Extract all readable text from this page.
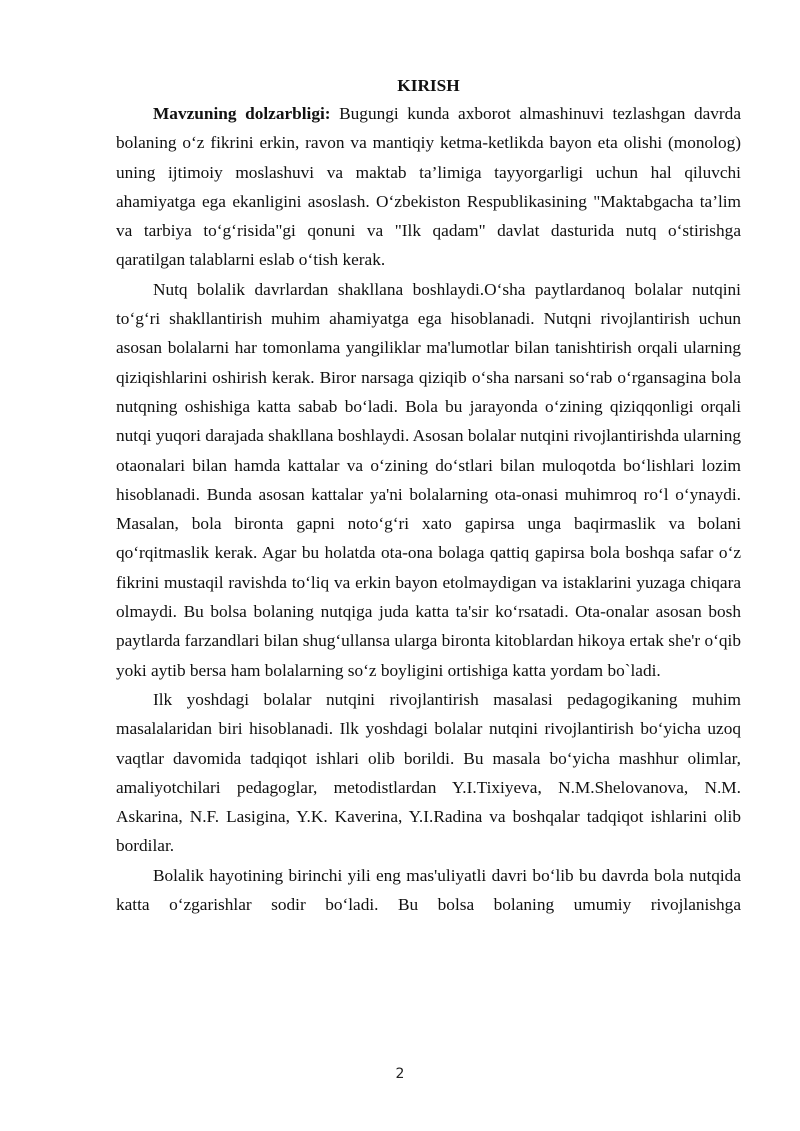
KIRISH

Mavzuning dolzarbligi: Bugungi kunda axborot almashinuvi tezlashgan davrda bolaning o‘z fikrini erkin, ravon va mantiqiy ketma-ketlikda bayon eta olishi (monolog) uning ijtimoiy moslashuvi va maktab ta’limiga tayyorgarligi uchun hal qiluvchi ahamiyatga ega ekanligini asoslash. O‘zbekiston Respublikasining "Maktabgacha ta’lim va tarbiya to‘g‘risida"gi qonuni va "Ilk qadam" davlat dasturida nutq o‘stirishga qaratilgan talablarni eslab o‘tish kerak.

Nutq bolalik davrlardan shakllana boshlaydi.O‘sha paytlardanoq bolalar nutqini to‘g‘ri shakllantirish muhim ahamiyatga ega hisoblanadi. Nutqni rivojlantirish uchun asosan bolalarni har tomonlama yangiliklar ma'lumotlar bilan tanishtirish orqali ularning qiziqishlarini oshirish kerak. Biror narsaga qiziqib o‘sha narsani so‘rab o‘rgansagina bola nutqning oshishiga katta sabab bo‘ladi. Bola bu jarayonda o‘zining qiziqqonligi orqali nutqi yuqori darajada shakllana boshlaydi. Asosan bolalar nutqini rivojlantirishda ularning otaonalari bilan hamda kattalar va o‘zining do‘stlari bilan muloqotda bo‘lishlari lozim hisoblanadi. Bunda asosan kattalar ya'ni bolalarning ota-onasi muhimroq ro‘l o‘ynaydi. Masalan, bola bironta gapni noto‘g‘ri xato gapirsa unga baqirmaslik va bolani qo‘rqitmaslik kerak. Agar bu holatda ota-ona bolaga qattiq gapirsa bola boshqa safar o‘z fikrini mustaqil ravishda to‘liq va erkin bayon etolmaydigan va istaklarini yuzaga chiqara olmaydi. Bu bolsa bolaning nutqiga juda katta ta'sir ko‘rsatadi. Ota-onalar asosan bosh paytlarda farzandlari bilan shug‘ullansa ularga bironta kitoblardan hikoya ertak she'r o‘qib yoki aytib bersa ham bolalarning so‘z boyligini ortishiga katta yordam bo`ladi.

Ilk yoshdagi bolalar nutqini rivojlantirish masalasi pedagogikaning muhim masalalaridan biri hisoblanadi. Ilk yoshdagi bolalar nutqini rivojlantirish bo‘yicha uzoq vaqtlar davomida tadqiqot ishlari olib borildi. Bu masala bo‘yicha mashhur olimlar, amaliyotchilari pedagoglar, metodistlardan Y.I.Tixiyeva, N.M.Shelovanova, N.M. Askarina, N.F. Lasigina, Y.K. Kaverina, Y.I.Radina va boshqalar tadqiqot ishlarini olib bordilar.

Bolalik hayotining birinchi yili eng mas'uliyatli davri bo‘lib bu davrda bola nutqida katta o‘zgarishlar sodir bo‘ladi. Bu bolsa bolaning umumiy rivojlanishga

2
